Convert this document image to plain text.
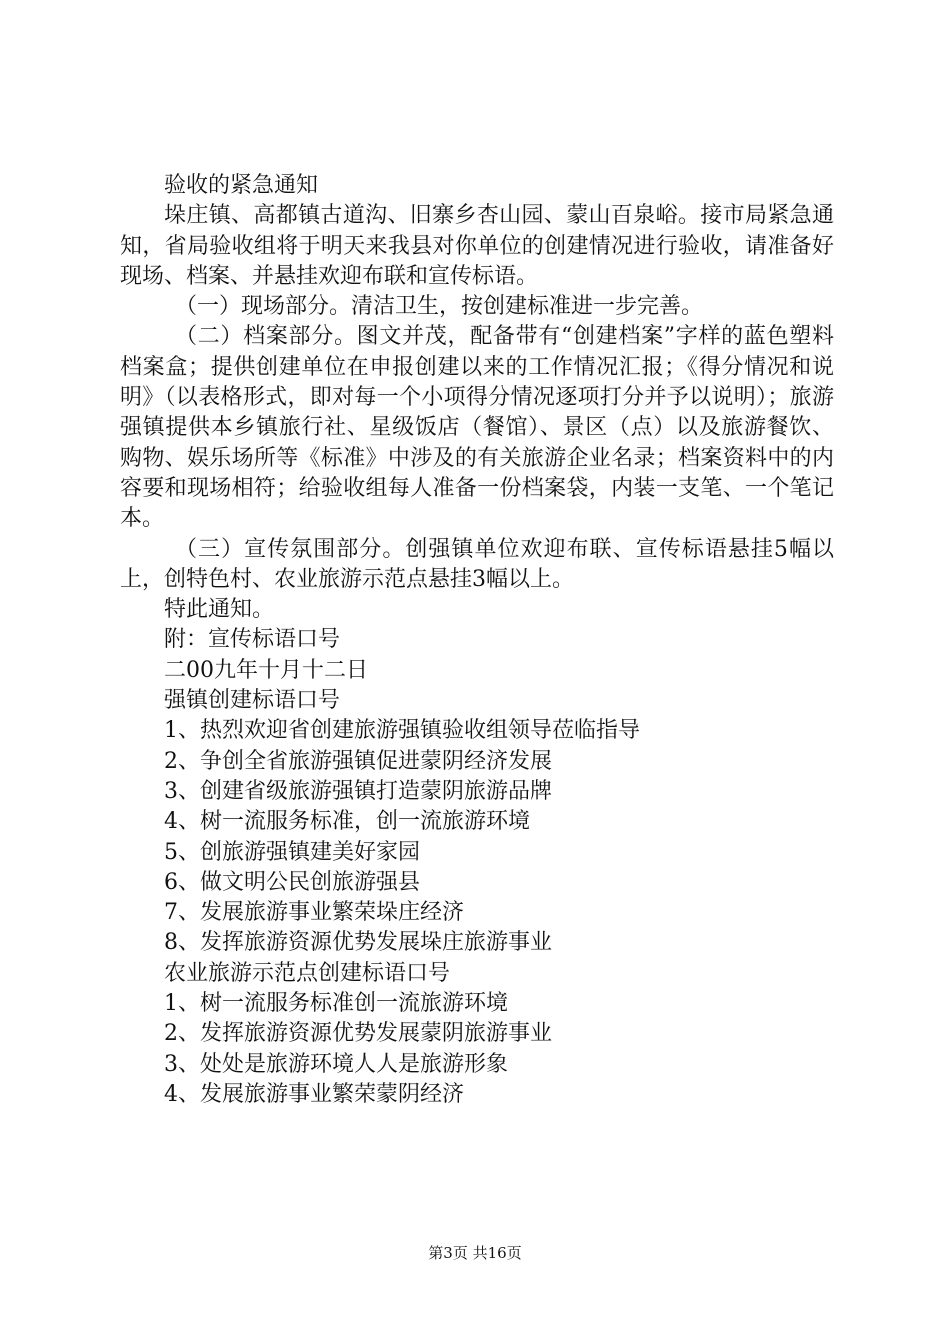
验收的紧急通知

垛庄镇、高都镇古道沟、旧寨乡杏山园、蒙山百泉峪。接市局紧急通知，省局验收组将于明天来我县对你单位的创建情况进行验收，请准备好现场、档案、并悬挂欢迎布联和宣传标语。

（一）现场部分。清洁卫生，按创建标准进一步完善。

（二）档案部分。图文并茂，配备带有“创建档案”字样的蓝色塑料档案盒；提供创建单位在申报创建以来的工作情况汇报；《得分情况和说明》（以表格形式，即对每一个小项得分情况逐项打分并予以说明）；旅游强镇提供本乡镇旅行社、星级饭店（餐馆）、景区（点）以及旅游餐饮、购物、娱乐场所等《标准》中涉及的有关旅游企业名录；档案资料中的内容要和现场相符；给验收组每人准备一份档案袋，内装一支笔、一个笔记本。

（三）宣传氛围部分。创强镇单位欢迎布联、宣传标语悬挂5幅以上，创特色村、农业旅游示范点悬挂3幅以上。

特此通知。

附：宣传标语口号

二00九年十月十二日

强镇创建标语口号

1、热烈欢迎省创建旅游强镇验收组领导莅临指导
2、争创全省旅游强镇促进蒙阴经济发展
3、创建省级旅游强镇打造蒙阴旅游品牌
4、树一流服务标准，创一流旅游环境
5、创旅游强镇建美好家园
6、做文明公民创旅游强县
7、发展旅游事业繁荣垛庄经济
8、发挥旅游资源优势发展垛庄旅游事业

农业旅游示范点创建标语口号

1、树一流服务标准创一流旅游环境
2、发挥旅游资源优势发展蒙阴旅游事业
3、处处是旅游环境人人是旅游形象
4、发展旅游事业繁荣蒙阴经济
第3页 共16页
